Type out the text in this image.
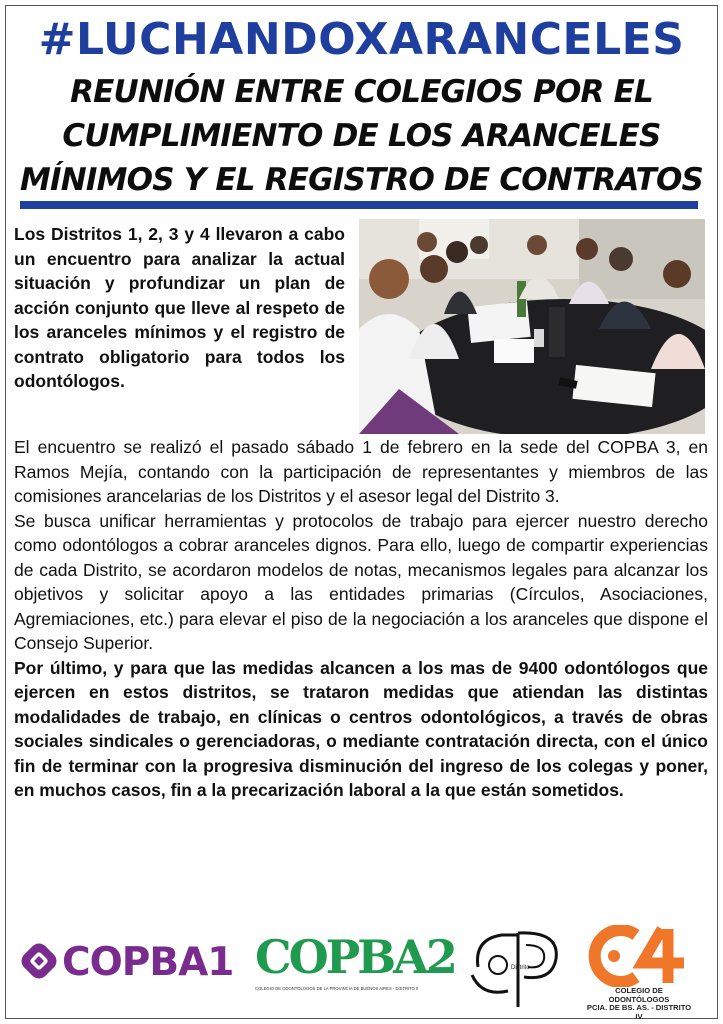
#LUCHANDOXARANCELES
REUNIÓN ENTRE COLEGIOS POR EL
CUMPLIMIENTO DE LOS ARANCELES
MÍNIMOS Y EL REGISTRO DE CONTRATOS

Los Distritos 1, 2, 3 y 4 llevaron a cabo un encuentro para analizar la actual situación y profundizar un plan de acción conjunto que lleve al respeto de los aranceles mínimos y el registro de contrato obligatorio para todos los odontólogos.

El encuentro se realizó el pasado sábado 1 de febrero en la sede del COPBA 3, en Ramos Mejía, contando con la participación de representantes y miembros de las comisiones arancelarias de los Distritos y el asesor legal del Distrito 3.

Se busca unificar herramientas y protocolos de trabajo para ejercer nuestro derecho como odontólogos a cobrar aranceles dignos. Para ello, luego de compartir experiencias de cada Distrito, se acordaron modelos de notas, mecanismos legales para alcanzar los objetivos y solicitar apoyo a las entidades primarias (Círculos, Asociaciones, Agremiaciones, etc.) para elevar el piso de la negociación a los aranceles que dispone el Consejo Superior.

Por último, y para que las medidas alcancen a los mas de 9400 odontólogos que ejercen en estos distritos, se trataron medidas que atiendan las distintas modalidades de trabajo, en clínicas o centros odontológicos, a través de obras sociales sindicales o gerenciadoras, o mediante contratación directa, con el único fin de terminar con la progresiva disminución del ingreso de los colegas y poner, en muchos casos, fin a la precarización laboral a la que están sometidos.

COPBA1 COPBA2
COLEGIO DE ODONTOLOGOS DE LA PROVINCIA DE BUENOS AIRES - DISTRITO II
Distrito
COLEGIO DE ODONTÓLOGOS
PCIA. DE BS. AS. - DISTRITO IV
